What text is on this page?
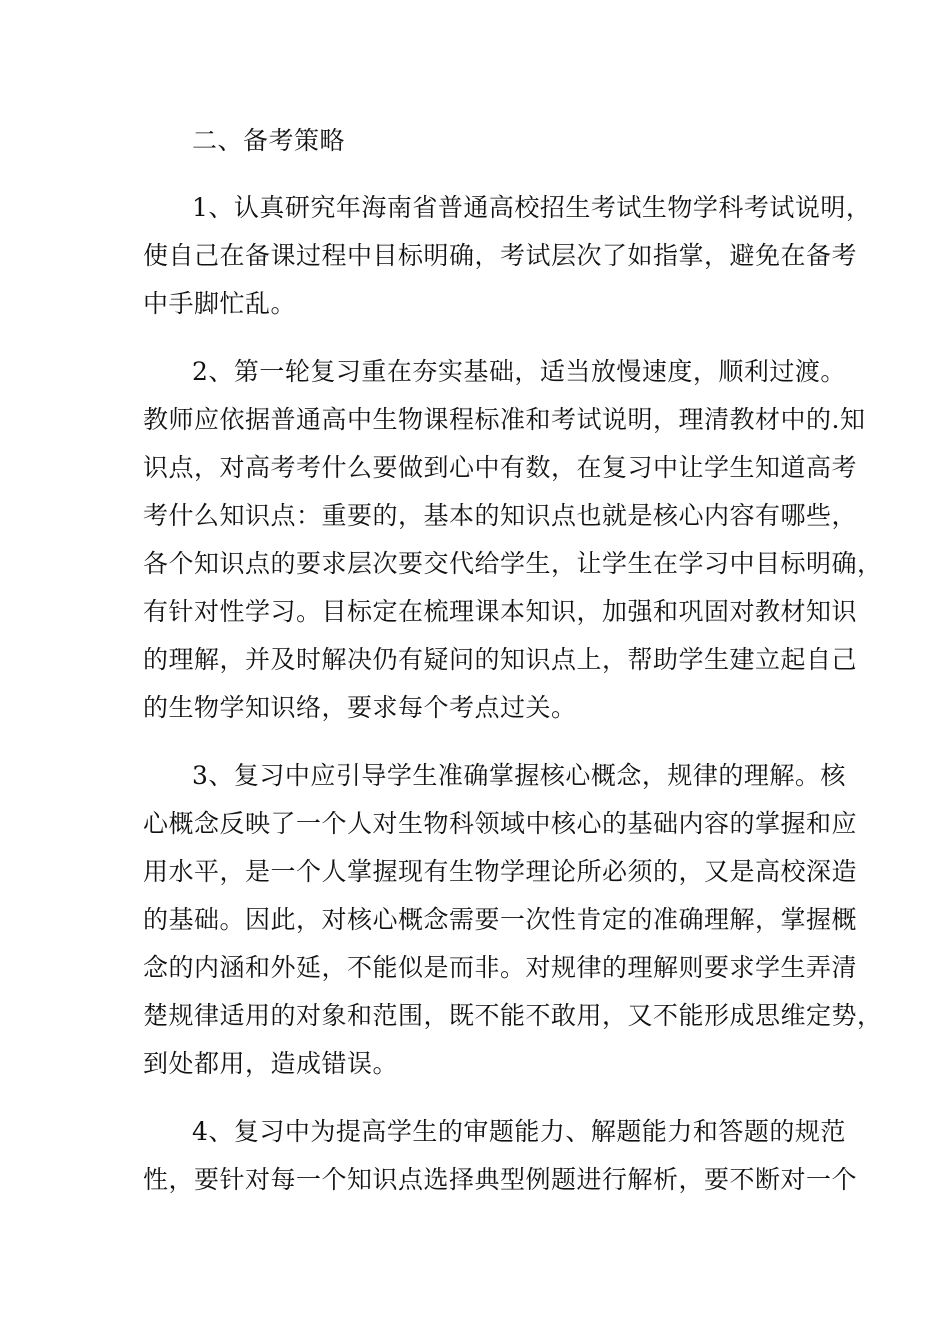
二、备考策略
1、认真研究年海南省普通高校招生考试生物学科考试说明，
使自己在备课过程中目标明确，考试层次了如指掌，避免在备考
中手脚忙乱。
2、第一轮复习重在夯实基础，适当放慢速度，顺利过渡。
教师应依据普通高中生物课程标准和考试说明，理清教材中的.知
识点，对高考考什么要做到心中有数，在复习中让学生知道高考
考什么知识点：重要的，基本的知识点也就是核心内容有哪些，
各个知识点的要求层次要交代给学生，让学生在学习中目标明确，
有针对性学习。目标定在梳理课本知识，加强和巩固对教材知识
的理解，并及时解决仍有疑问的知识点上，帮助学生建立起自己
的生物学知识络，要求每个考点过关。
3、复习中应引导学生准确掌握核心概念，规律的理解。核
心概念反映了一个人对生物科领域中核心的基础内容的掌握和应
用水平，是一个人掌握现有生物学理论所必须的，又是高校深造
的基础。因此，对核心概念需要一次性肯定的准确理解，掌握概
念的内涵和外延，不能似是而非。对规律的理解则要求学生弄清
楚规律适用的对象和范围，既不能不敢用，又不能形成思维定势，
到处都用，造成错误。
4、复习中为提高学生的审题能力、解题能力和答题的规范
性，要针对每一个知识点选择典型例题进行解析，要不断对一个
